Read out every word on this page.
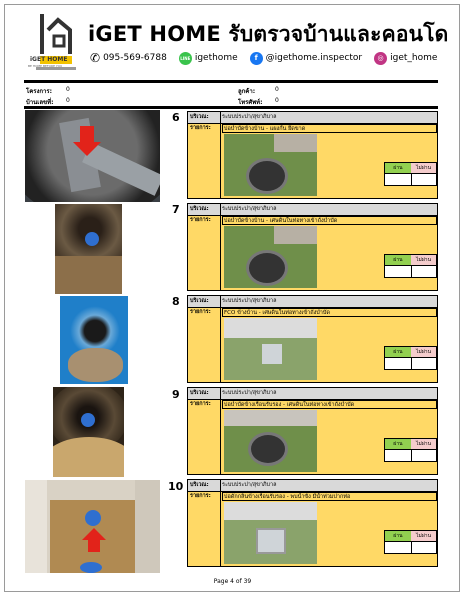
iGET HOME
BE HOME BEFORE YOU
iGET HOME รับตรวจบ้านและคอนโด
✆ 095-569-6788	LINE igethome	f @igethome.inspector	◎ iget_home
โครงการ: 0	ลูกค้า:	0
บ้านเลขที่: 0	โทรศัพท์: 0
6 บริเวณ: ระบบประปา/สุขาภิบาล
รายการ:	บ่อบำบัดข้างบ้าน - แผงกั้น ยึดขาด
ผ่าน	ไม่ผ่าน
7 บริเวณ: ระบบประปา/สุขาภิบาล
รายการ:	บ่อบำบัดข้างบ้าน - เศษดินในท่อทางเข้าถังบำบัด
ผ่าน	ไม่ผ่าน
8 บริเวณ: ระบบประปา/สุขาภิบาล
รายการ:	FCO ข้างบ้าน - เศษดินในท่อทางเข้าถังบำบัด
ผ่าน	ไม่ผ่าน
9 บริเวณ: ระบบประปา/สุขาภิบาล
รายการ:	บ่อบำบัดข้างเรือนรับรอง - เศษดินในท่อทางเข้าถังบำบัด
ผ่าน	ไม่ผ่าน
10 บริเวณ: ระบบประปา/สุขาภิบาล
รายการ:	บ่อดักกลิ่นข้างเรือนรับรอง - พบน้ำขัง มีน้ำท่วมปากท่อ
ผ่าน	ไม่ผ่าน
Page 4 of 39
